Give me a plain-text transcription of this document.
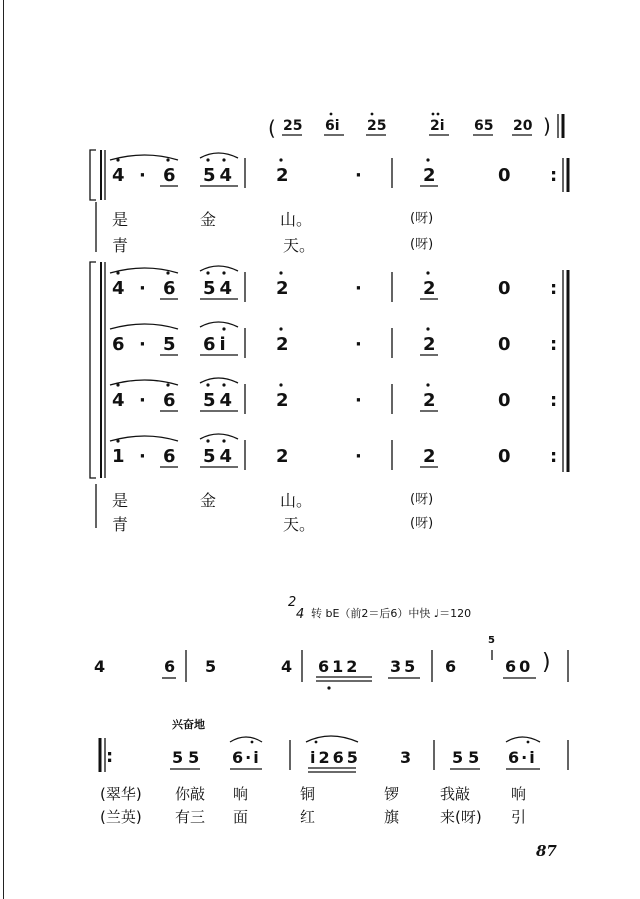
( 25 6i 25	2i 65 20 )
4 · 6 54 2	·	2	0 :
是	金	山。	(呀)
青	天。	(呀)
4 · 6 54 2	·	2	0 :
6 · 5 6i	2	·	2	0 :
4 · 6 54 2	·	2	0 :
1 · 6 54 2	·	2	0 :
是	金	山。	(呀)
青	天。	(呀)
2
4 转 bE（前2＝后6）中快 ♩＝120
4	6 5	4 612 35 6	60
5
)
兴奋地
:	55 6·i	i265 3	55 6·i
(翠华) 你敲 响	铜	锣	我敲	响
(兰英) 有三 面	红	旗	来(呀) 引
87
